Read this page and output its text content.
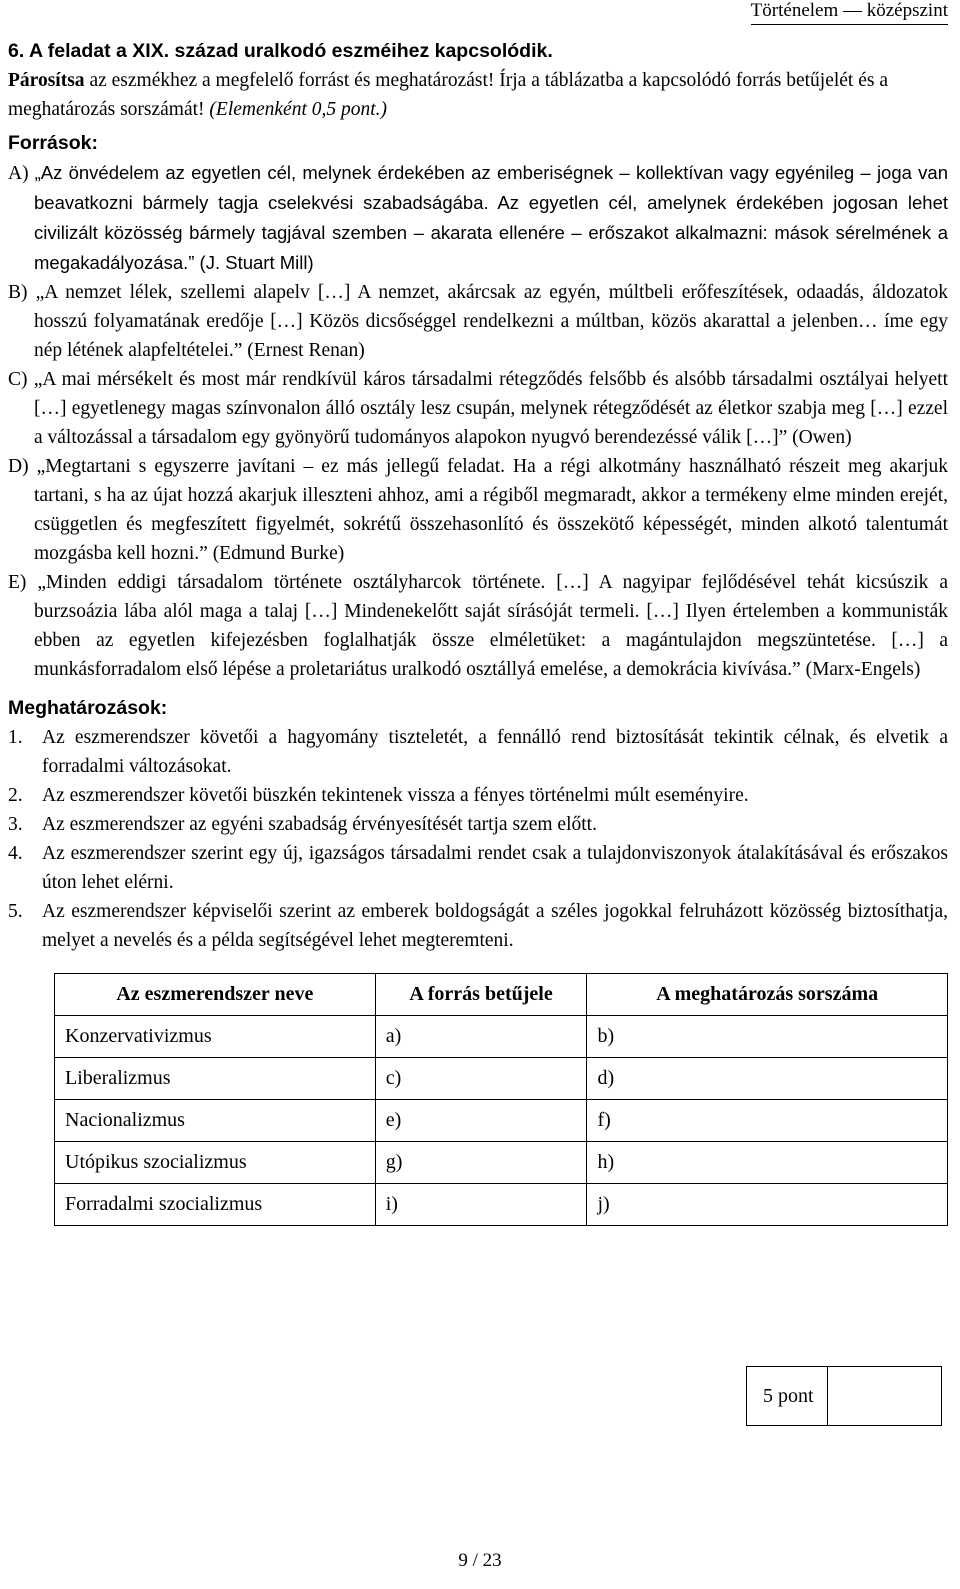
Történelem — középszint
6. A feladat a XIX. század uralkodó eszméihez kapcsolódik.
Párosítsa az eszmékhez a megfelelő forrást és meghatározást! Írja a táblázatba a kapcsolódó forrás betűjelét és a meghatározás sorszámát! (Elemenként 0,5 pont.)
Források:
A) „Az önvédelem az egyetlen cél, melynek érdekében az emberiségnek – kollektívan vagy egyénileg – joga van beavatkozni bármely tagja cselekvési szabadságába. Az egyetlen cél, amelynek érdekében jogosan lehet civilizált közösség bármely tagjával szemben – akarata ellenére – erőszakot alkalmazni: mások sérelmének a megakadályozása.” (J. Stuart Mill)
B) „A nemzet lélek, szellemi alapelv […] A nemzet, akárcsak az egyén, múltbeli erőfeszítések, odaadás, áldozatok hosszú folyamatának eredője […] Közös dicsőséggel rendelkezni a múltban, közös akarattal a jelenben… íme egy nép létének alapfeltételei.” (Ernest Renan)
C) „A mai mérsékelt és most már rendkívül káros társadalmi rétegződés felsőbb és alsóbb társadalmi osztályai helyett […] egyetlenegy magas színvonalon álló osztály lesz csupán, melynek rétegződését az életkor szabja meg […] ezzel a változással a társadalom egy gyönyörű tudományos alapokon nyugvó berendezéssé válik […]” (Owen)
D) „Megtartani s egyszerre javítani – ez más jellegű feladat. Ha a régi alkotmány használható részeit meg akarjuk tartani, s ha az újat hozzá akarjuk illeszteni ahhoz, ami a régiből megmaradt, akkor a termékeny elme minden erejét, csüggetlen és megfeszített figyelmét, sokrétű összehasonlító és összekötő képességét, minden alkotó talentumát mozgásba kell hozni.” (Edmund Burke)
E) „Minden eddigi társadalom története osztályharcok története. […] A nagyipar fejlődésével tehát kicsúszik a burzsoázia lába alól maga a talaj […] Mindenekelőtt saját sírásóját termeli. […] Ilyen értelemben a kommunisták ebben az egyetlen kifejezésben foglalhatják össze elméletüket: a magántulajdon megszüntetése. […] a munkásforradalom első lépése a proletariátus uralkodó osztállyá emelése, a demokrácia kivívása.” (Marx-Engels)
Meghatározások:
1. Az eszmerendszer követői a hagyomány tiszteletét, a fennálló rend biztosítását tekintik célnak, és elvetik a forradalmi változásokat.
2. Az eszmerendszer követői büszkén tekintenek vissza a fényes történelmi múlt eseményire.
3. Az eszmerendszer az egyéni szabadság érvényesítését tartja szem előtt.
4. Az eszmerendszer szerint egy új, igazságos társadalmi rendet csak a tulajdonviszonyok átalakításával és erőszakos úton lehet elérni.
5. Az eszmerendszer képviselői szerint az emberek boldogságát a széles jogokkal felruházott közösség biztosíthatja, melyet a nevelés és a példa segítségével lehet megteremteni.
Az eszmerendszer neve	A forrás betűjele	A meghatározás sorszáma
Konzervativizmus	a)	b)
Liberalizmus	c)	d)
Nacionalizmus	e)	f)
Utópikus szocializmus	g)	h)
Forradalmi szocializmus	i)	j)
5 pont
9 / 23
